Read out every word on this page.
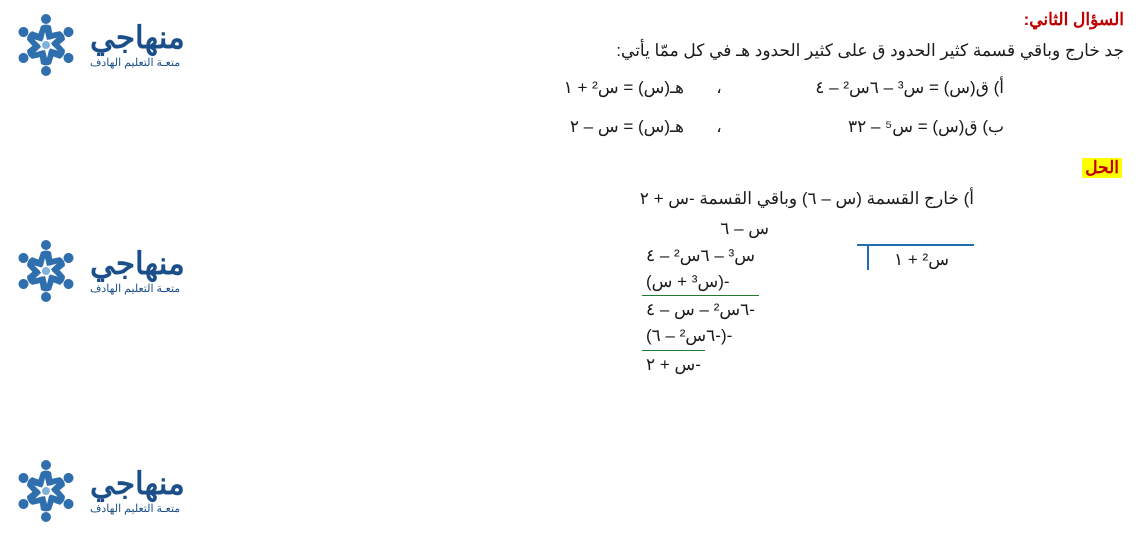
منهاجي
متعـة التعليم الهادف
منهاجي
متعـة التعليم الهادف
منهاجي
متعـة التعليم الهادف
السؤال الثاني:
جد خارج وباقي قسمة كثير الحدود ق على كثير الحدود هـ في كل ممّا يأتي:
أ) ق(س) = س³ – ٦س² – ٤
،
هـ(س) = س² + ١
ب) ق(س) = س⁵ – ٣٢
،
هـ(س) = س – ٢
الحل
أ) خارج القسمة (س – ٦) وباقي القسمة -س + ٢
س – ٦
س² + ١
س³ – ٦س² – ٤
-(س³ + س)
-٦س² – س – ٤
-(-٦س² – ٦)
-س + ٢
